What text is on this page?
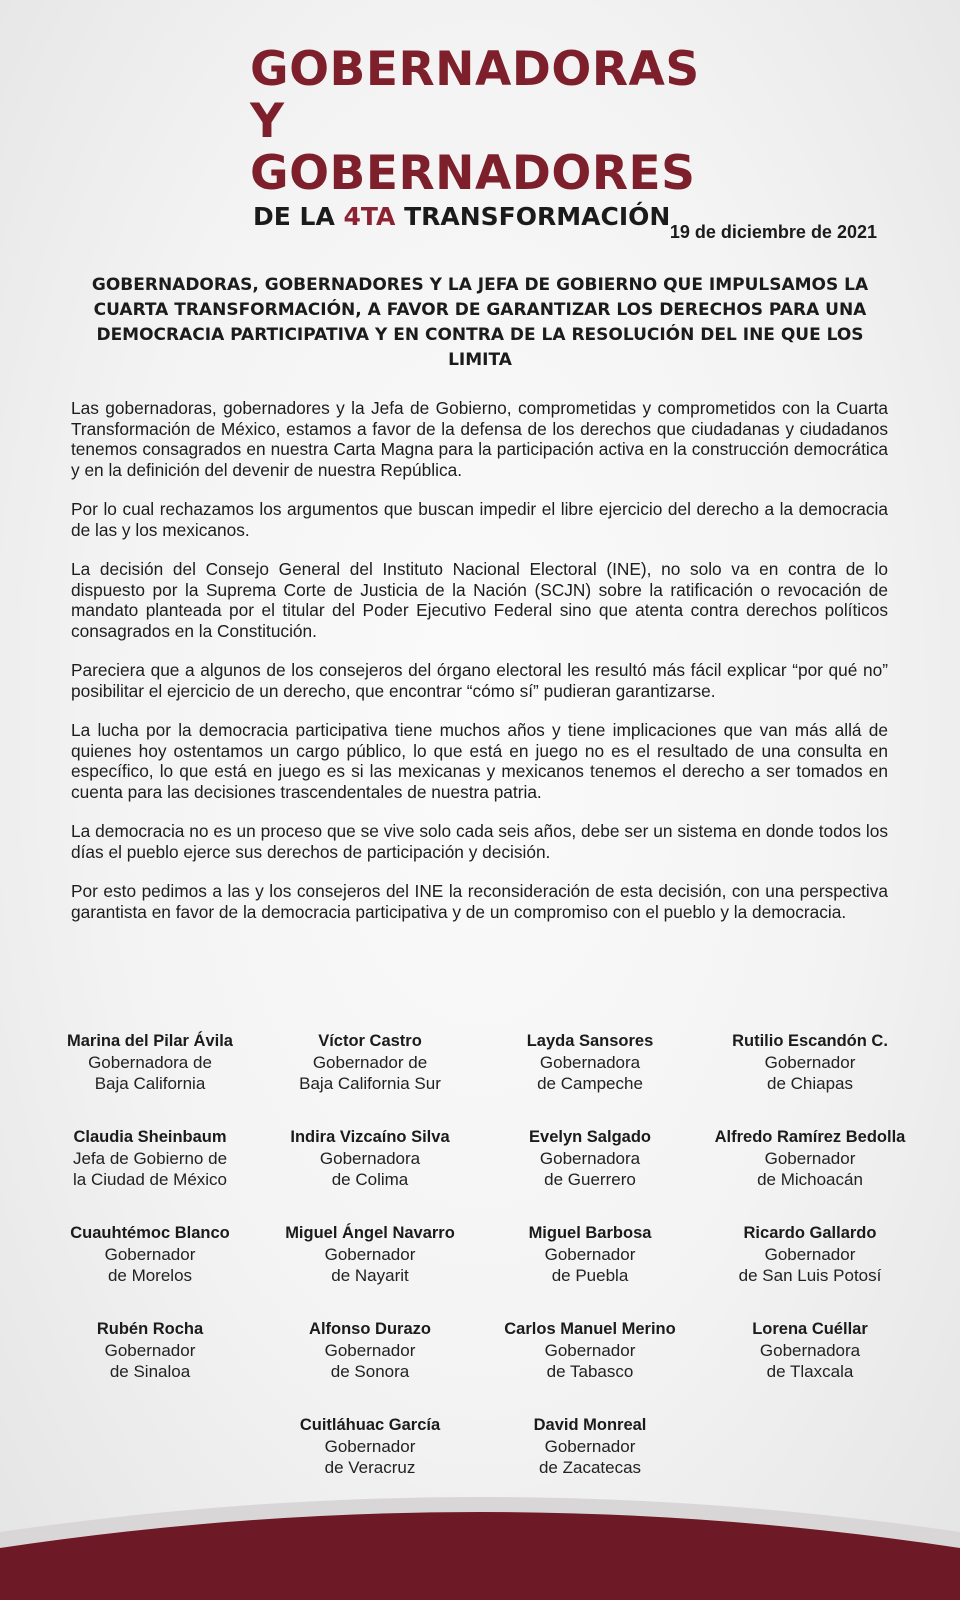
GOBERNADORAS
Y GOBERNADORES
DE LA 4TA TRANSFORMACIÓN
19 de diciembre de 2021
GOBERNADORAS, GOBERNADORES Y LA JEFA DE GOBIERNO QUE IMPULSAMOS LA CUARTA TRANSFORMACIÓN, A FAVOR DE GARANTIZAR LOS DERECHOS PARA UNA DEMOCRACIA PARTICIPATIVA Y EN CONTRA DE LA RESOLUCIÓN DEL INE QUE LOS LIMITA

Las gobernadoras, gobernadores y la Jefa de Gobierno, comprometidas y comprometidos con la Cuarta Transformación de México, estamos a favor de la defensa de los derechos que ciudadanas y ciudadanos tenemos consagrados en nuestra Carta Magna para la participación activa en la construcción democrática y en la definición del devenir de nuestra República.

Por lo cual rechazamos los argumentos que buscan impedir el libre ejercicio del derecho a la democracia de las y los mexicanos.

La decisión del Consejo General del Instituto Nacional Electoral (INE), no solo va en contra de lo dispuesto por la Suprema Corte de Justicia de la Nación (SCJN) sobre la ratificación o revocación de mandato planteada por el titular del Poder Ejecutivo Federal sino que atenta contra derechos políticos consagrados en la Constitución.

Pareciera que a algunos de los consejeros del órgano electoral les resultó más fácil explicar “por qué no” posibilitar el ejercicio de un derecho, que encontrar “cómo sí” pudieran garantizarse.

La lucha por la democracia participativa tiene muchos años y tiene implicaciones que van más allá de quienes hoy ostentamos un cargo público, lo que está en juego no es el resultado de una consulta en específico, lo que está en juego es si las mexicanas y mexicanos tenemos el derecho a ser tomados en cuenta para las decisiones trascendentales de nuestra patria.

La democracia no es un proceso que se vive solo cada seis años, debe ser un sistema en donde todos los días el pueblo ejerce sus derechos de participación y decisión.

Por esto pedimos a las y los consejeros del INE la reconsideración de esta decisión, con una perspectiva garantista en favor de la democracia participativa y de un compromiso con el pueblo y la democracia.

Marina del Pilar Ávila
Gobernadora de
Baja California
Víctor Castro
Gobernador de
Baja California Sur
Layda Sansores
Gobernadora
de Campeche
Rutilio Escandón C.
Gobernador
de Chiapas
Claudia Sheinbaum
Jefa de Gobierno de
la Ciudad de México
Indira Vizcaíno Silva
Gobernadora
de Colima
Evelyn Salgado
Gobernadora
de Guerrero
Alfredo Ramírez Bedolla
Gobernador
de Michoacán
Cuauhtémoc Blanco
Gobernador
de Morelos
Miguel Ángel Navarro
Gobernador
de Nayarit
Miguel Barbosa
Gobernador
de Puebla
Ricardo Gallardo
Gobernador
de San Luis Potosí
Rubén Rocha
Gobernador
de Sinaloa
Alfonso Durazo
Gobernador
de Sonora
Carlos Manuel Merino
Gobernador
de Tabasco
Lorena Cuéllar
Gobernadora
de Tlaxcala
Cuitláhuac García
Gobernador
de Veracruz
David Monreal
Gobernador
de Zacatecas
